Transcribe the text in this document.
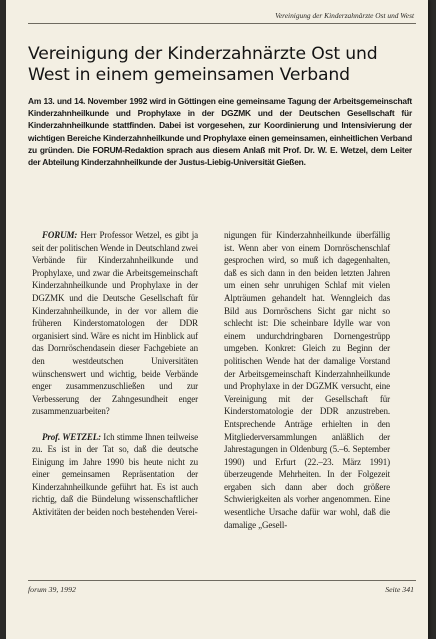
Vereinigung der Kinderzahnärzte Ost und West
Vereinigung der Kinderzahnärzte Ost und West in einem gemeinsamen Verband

Am 13. und 14. November 1992 wird in Göttingen eine gemeinsame Tagung der Arbeitsgemeinschaft Kinderzahnheilkunde und Prophylaxe in der DGZMK und der Deutschen Gesellschaft für Kinderzahnheilkunde stattfinden. Dabei ist vorgesehen, zur Koordinierung und Intensivierung der wichtigen Bereiche Kinderzahnheilkunde und Prophylaxe einen gemeinsamen, einheitlichen Verband zu gründen. Die FORUM-Redaktion sprach aus diesem Anlaß mit Prof. Dr. W. E. Wetzel, dem Leiter der Abteilung Kinderzahnheilkunde der Justus-Liebig-Universität Gießen.

FORUM: Herr Professor Wetzel, es gibt ja seit der politischen Wende in Deutschland zwei Verbände für Kinderzahnheilkunde und Prophylaxe, und zwar die Arbeitsgemeinschaft Kinderzahnheilkunde und Prophylaxe in der DGZMK und die Deutsche Gesellschaft für Kinderzahnheilkunde, in der vor allem die früheren Kinderstomatologen der DDR organisiert sind. Wäre es nicht im Hinblick auf das Dornröschendasein dieser Fachgebiete an den westdeutschen Universitäten wünschenswert und wichtig, beide Verbände enger zusammenzuschließen und zur Verbesserung der Zahngesundheit enger zusammenzuarbeiten?

Prof. WETZEL: Ich stimme Ihnen teilweise zu. Es ist in der Tat so, daß die deutsche Einigung im Jahre 1990 bis heute nicht zu einer gemeinsamen Repräsentation der Kinderzahnheilkunde geführt hat. Es ist auch richtig, daß die Bündelung wissenschaftlicher Aktivitäten der beiden noch bestehenden Verei-

nigungen für Kinderzahnheilkunde überfällig ist. Wenn aber von einem Dornröschenschlaf gesprochen wird, so muß ich dagegenhalten, daß es sich dann in den beiden letzten Jahren um einen sehr unruhigen Schlaf mit vielen Alpträumen gehandelt hat. Wenngleich das Bild aus Dornröschens Sicht gar nicht so schlecht ist: Die scheinbare Idylle war von einem undurchdringbaren Dornengestrüpp umgeben. Konkret: Gleich zu Beginn der politischen Wende hat der damalige Vorstand der Arbeitsgemeinschaft Kinderzahnheilkunde und Prophylaxe in der DGZMK versucht, eine Vereinigung mit der Gesellschaft für Kinderstomatologie der DDR anzustreben. Entsprechende Anträge erhielten in den Mitgliederversammlungen anläßlich der Jahrestagungen in Oldenburg (5.–6. September 1990) und Erfurt (22.–23. März 1991) überzeugende Mehrheiten. In der Folgezeit ergaben sich dann aber doch größere Schwierigkeiten als vorher angenommen. Eine wesentliche Ursache dafür war wohl, daß die damalige „Gesell-

forum 39, 1992	Seite 341
